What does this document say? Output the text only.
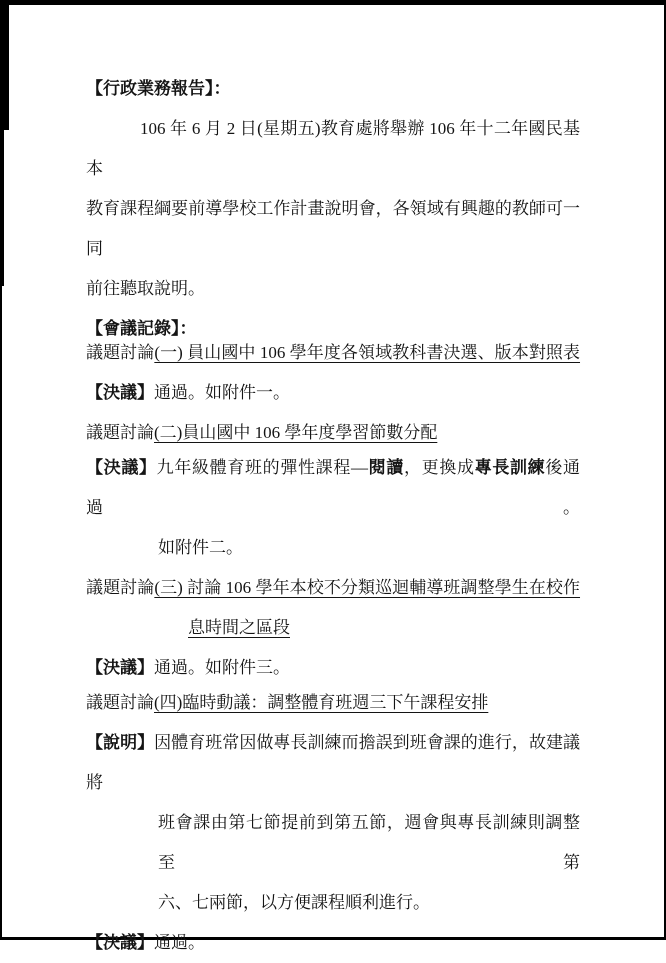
【行政業務報告】：
106 年 6 月 2 日(星期五)教育處將舉辦 106 年十二年國民基本
教育課程綱要前導學校工作計畫說明會，各領域有興趣的教師可一同
前往聽取說明。
【會議記錄】：
議題討論(一) 員山國中 106 學年度各領域教科書決選、版本對照表
【決議】通過。如附件一。
議題討論(二)員山國中 106 學年度學習節數分配
【決議】九年級體育班的彈性課程—閱讀，更換成專長訓練後通過。
如附件二。
議題討論(三) 討論 106 學年本校不分類巡迴輔導班調整學生在校作
息時間之區段
【決議】通過。如附件三。
議題討論(四)臨時動議：調整體育班週三下午課程安排
【說明】因體育班常因做專長訓練而擔誤到班會課的進行，故建議將
班會課由第七節提前到第五節，週會與專長訓練則調整至第
六、七兩節，以方便課程順利進行。
【決議】通過。
